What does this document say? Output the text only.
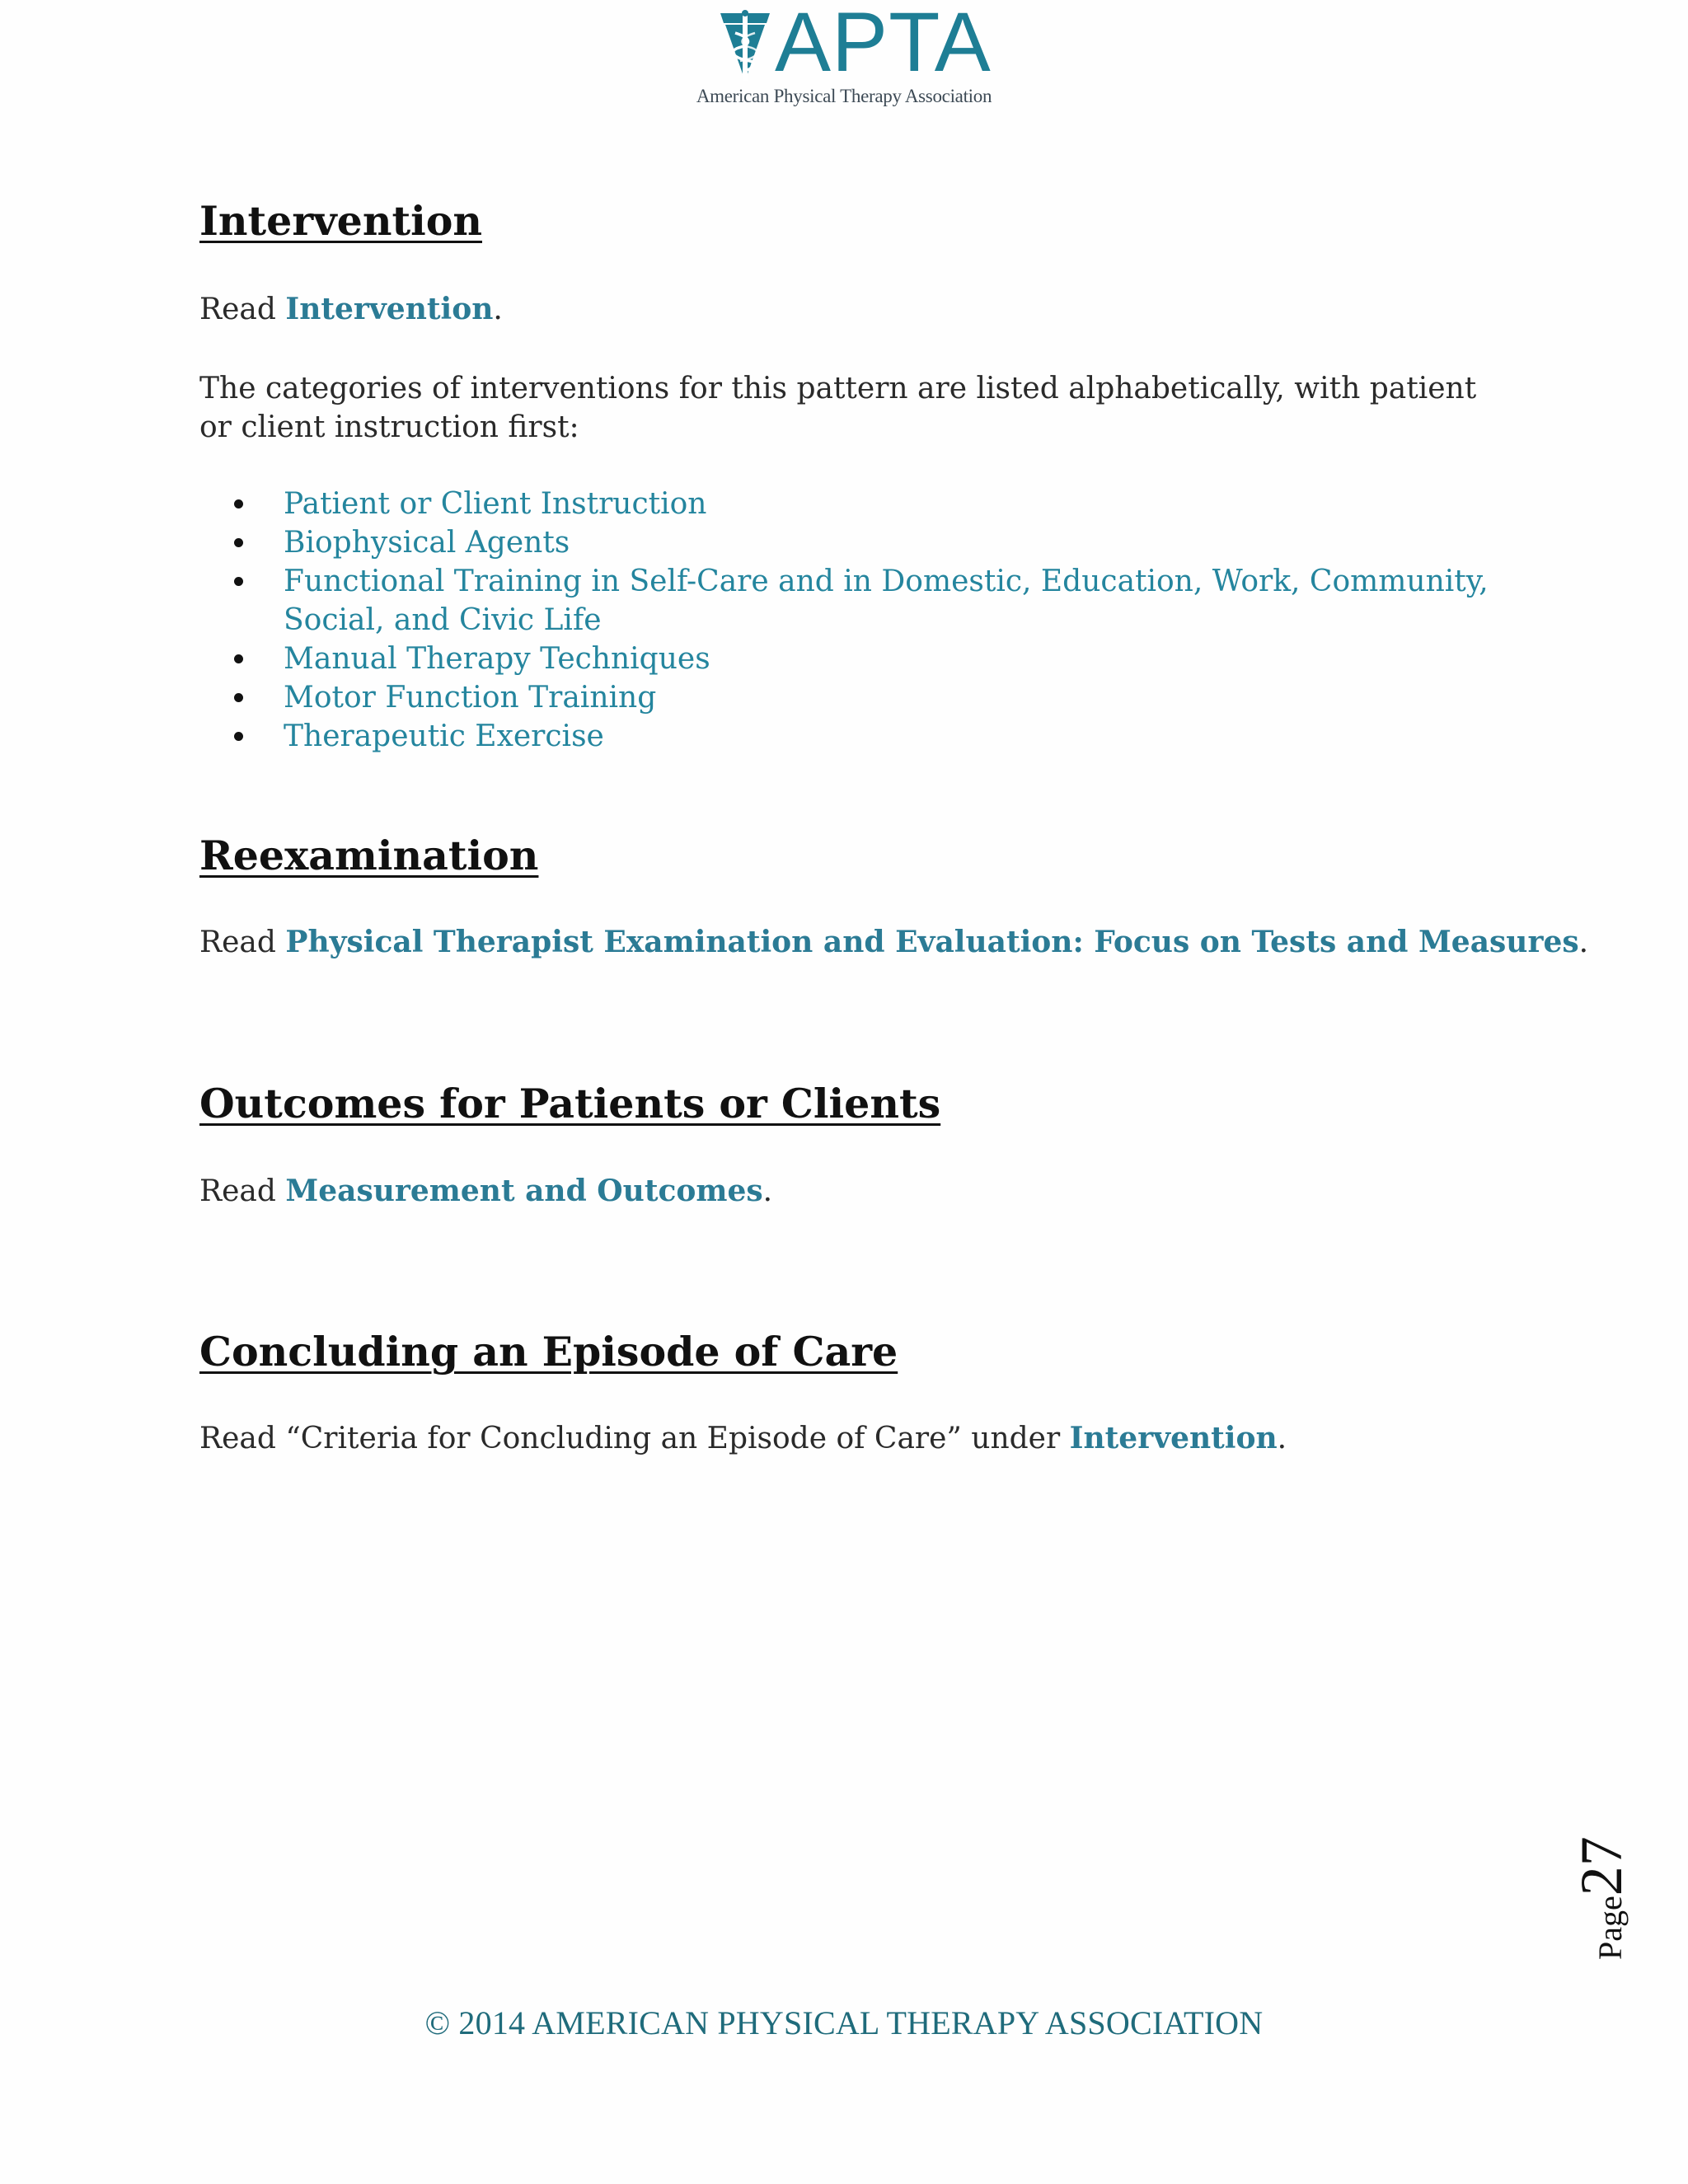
APTA
American Physical Therapy Association
Intervention

Read Intervention.

The categories of interventions for this pattern are listed alphabetically, with patient or client instruction first:

Patient or Client Instruction
Biophysical Agents
Functional Training in Self-Care and in Domestic, Education, Work, Community, Social, and Civic Life
Manual Therapy Techniques
Motor Function Training
Therapeutic Exercise
Reexamination

Read Physical Therapist Examination and Evaluation: Focus on Tests and Measures.

Outcomes for Patients or Clients

Read Measurement and Outcomes.

Concluding an Episode of Care

Read “Criteria for Concluding an Episode of Care” under Intervention.

Page27
© 2014 AMERICAN PHYSICAL THERAPY ASSOCIATION
